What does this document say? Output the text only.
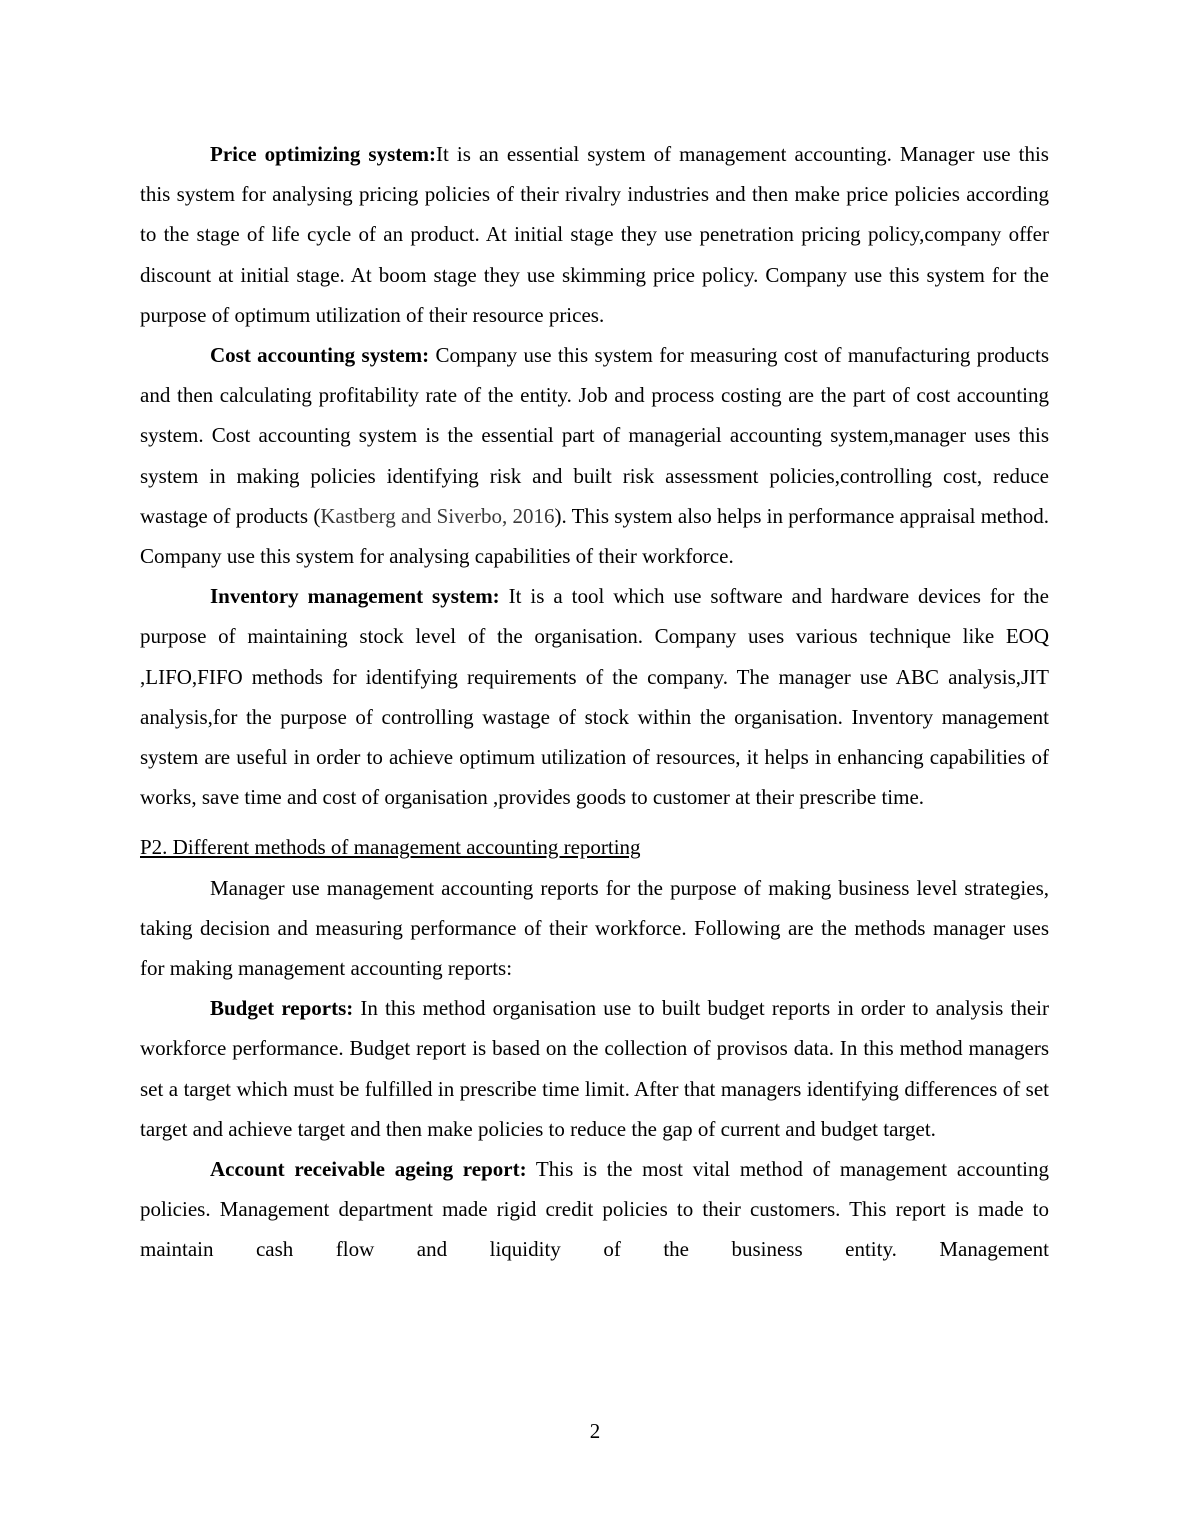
Price optimizing system:It is an essential system of management accounting. Manager use this this system for analysing pricing policies of their rivalry industries and then make price policies according to the stage of life cycle of an product. At initial stage they use penetration pricing policy,company offer discount at initial stage. At boom stage they use skimming price policy. Company use this system for the purpose of optimum utilization of their resource prices.

Cost accounting system: Company use this system for measuring cost of manufacturing products and then calculating profitability rate of the entity. Job and process costing are the part of cost accounting system. Cost accounting system is the essential part of managerial accounting system,manager uses this system in making policies identifying risk and built risk assessment policies,controlling cost, reduce wastage of products (Kastberg and Siverbo, 2016). This system also helps in performance appraisal method. Company use this system for analysing capabilities of their workforce.

Inventory management system: It is a tool which use software and hardware devices for the purpose of maintaining stock level of the organisation. Company uses various technique like EOQ ,LIFO,FIFO methods for identifying requirements of the company. The manager use ABC analysis,JIT analysis,for the purpose of controlling wastage of stock within the organisation. Inventory management system are useful in order to achieve optimum utilization of resources, it helps in enhancing capabilities of works, save time and cost of organisation ,provides goods to customer at their prescribe time.

P2. Different methods of management accounting reporting

Manager use management accounting reports for the purpose of making business level strategies, taking decision and measuring performance of their workforce. Following are the methods manager uses for making management accounting reports:

Budget reports: In this method organisation use to built budget reports in order to analysis their workforce performance. Budget report is based on the collection of provisos data. In this method managers set a target which must be fulfilled in prescribe time limit. After that managers identifying differences of set target and achieve target and then make policies to reduce the gap of current and budget target.

Account receivable ageing report: This is the most vital method of management accounting policies. Management department made rigid credit policies to their customers. This report is made to maintain cash flow and liquidity of the business entity. Management

2
